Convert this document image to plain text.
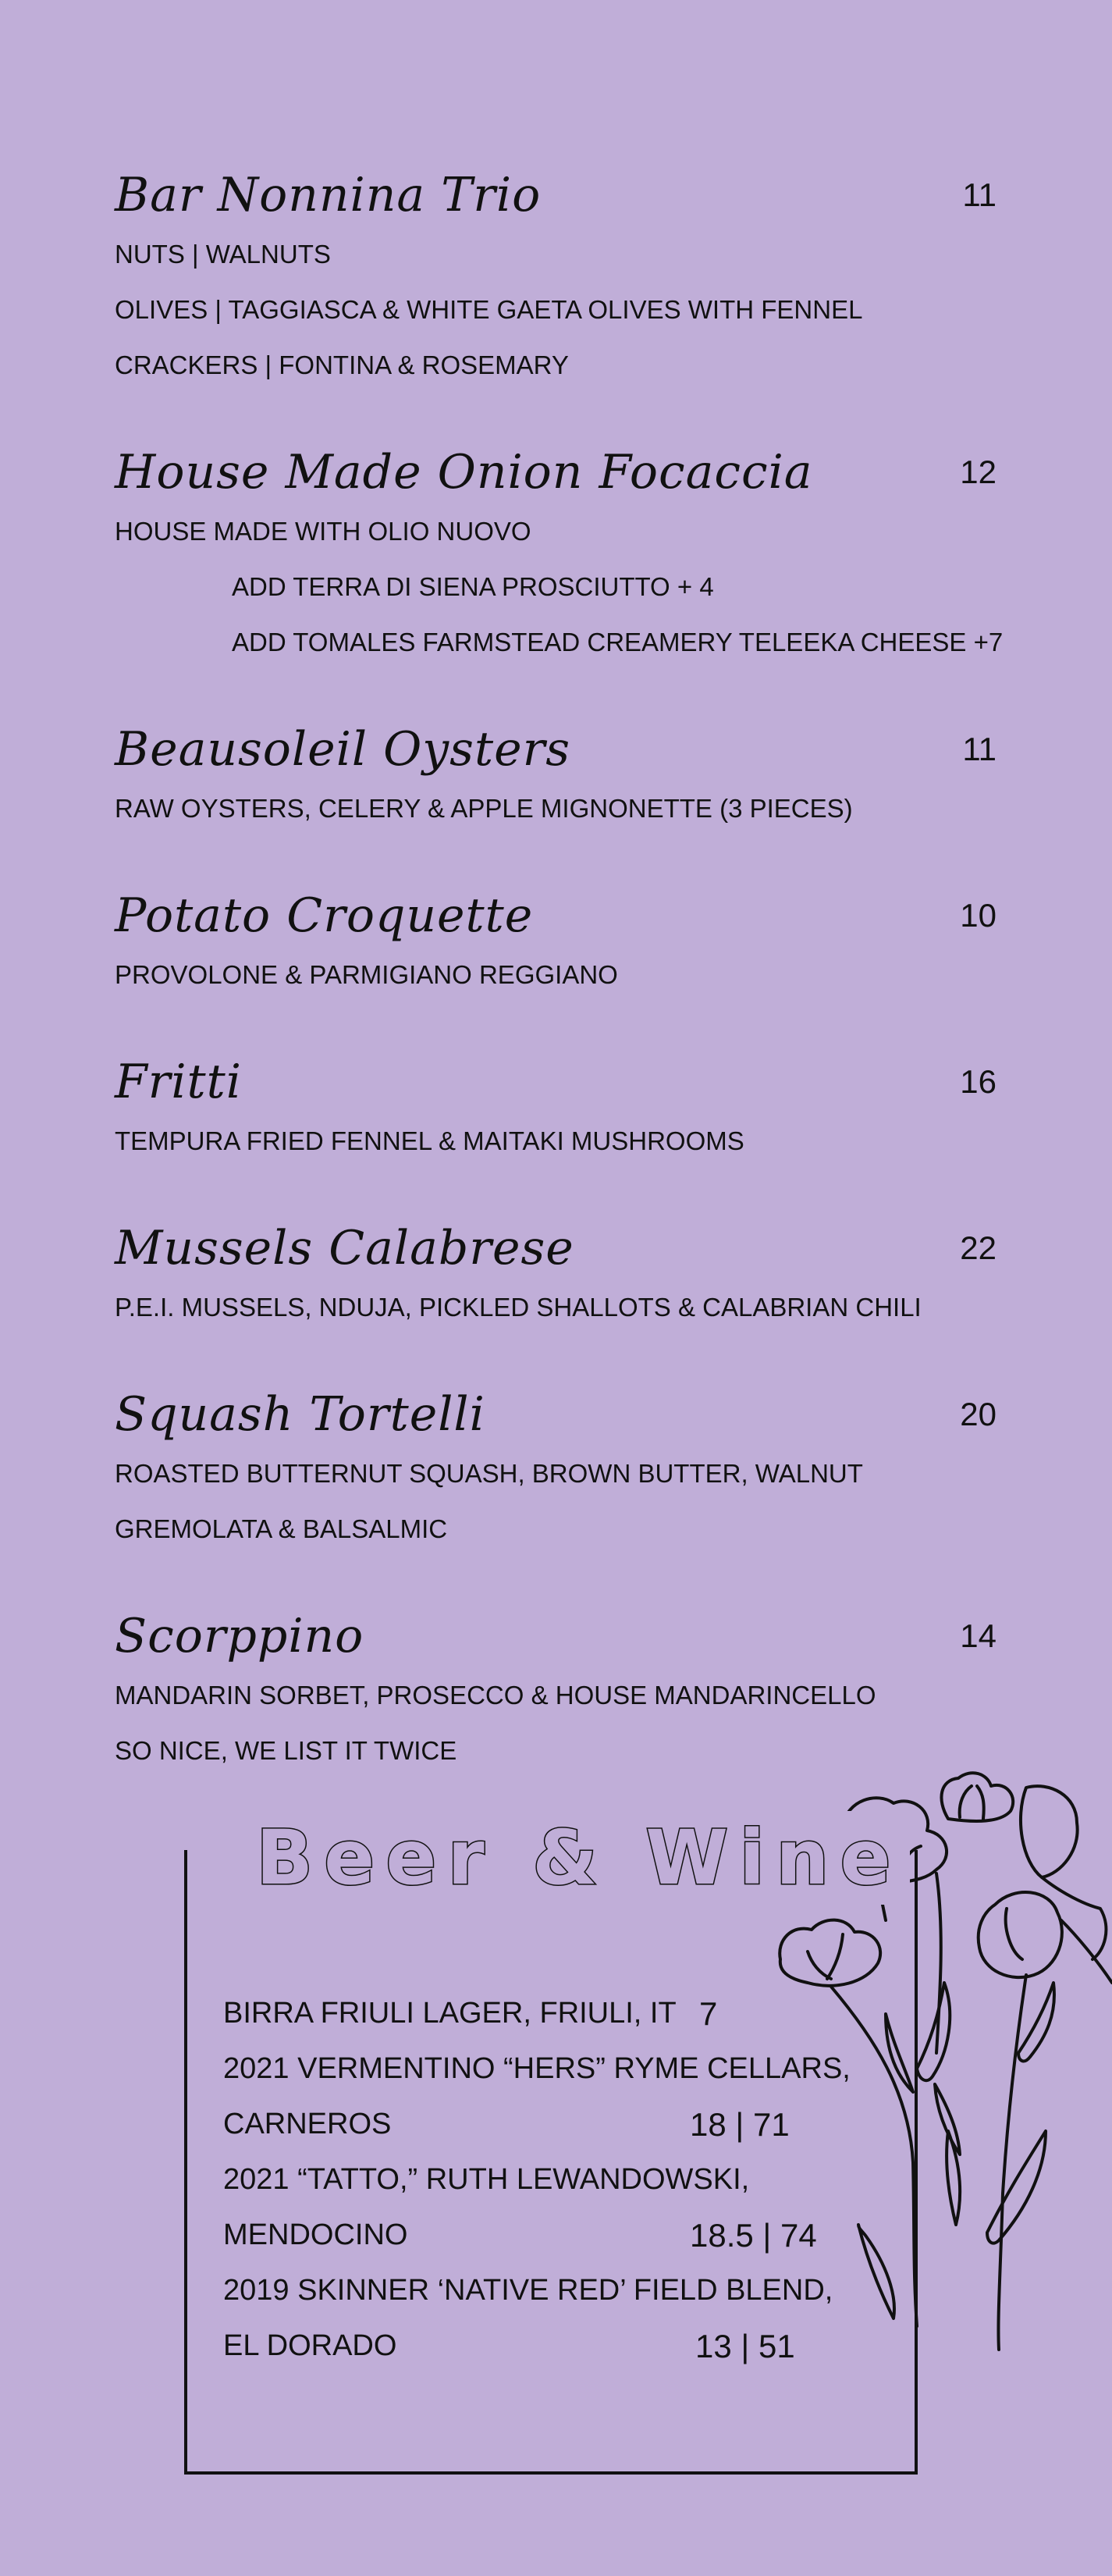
Bar Nonnina Trio	11
NUTS | WALNUTS
OLIVES | TAGGIASCA & WHITE GAETA OLIVES WITH FENNEL
CRACKERS | FONTINA & ROSEMARY
House Made Onion Focaccia	12
HOUSE MADE WITH OLIO NUOVO
ADD TERRA DI SIENA PROSCIUTTO + 4
ADD TOMALES FARMSTEAD CREAMERY TELEEKA CHEESE +7
Beausoleil Oysters	11
RAW OYSTERS, CELERY & APPLE MIGNONETTE (3 PIECES)
Potato Croquette	10
PROVOLONE & PARMIGIANO REGGIANO
Fritti	16
TEMPURA FRIED FENNEL & MAITAKI MUSHROOMS
Mussels Calabrese	22
P.E.I. MUSSELS, NDUJA, PICKLED SHALLOTS & CALABRIAN CHILI
Squash Tortelli	20
ROASTED BUTTERNUT SQUASH, BROWN BUTTER, WALNUT
GREMOLATA & BALSALMIC
Scorppino	14
MANDARIN SORBET, PROSECCO & HOUSE MANDARINCELLO
SO NICE, WE LIST IT TWICE
Beer & Wine
BIRRA FRIULI LAGER, FRIULI, IT 7
2021 VERMENTINO “HERS” RYME CELLARS,
CARNEROS	18 | 71
2021 “TATTO,” RUTH LEWANDOWSKI,
MENDOCINO	18.5 | 74
2019 SKINNER ‘NATIVE RED’ FIELD BLEND,
EL DORADO	13 | 51
